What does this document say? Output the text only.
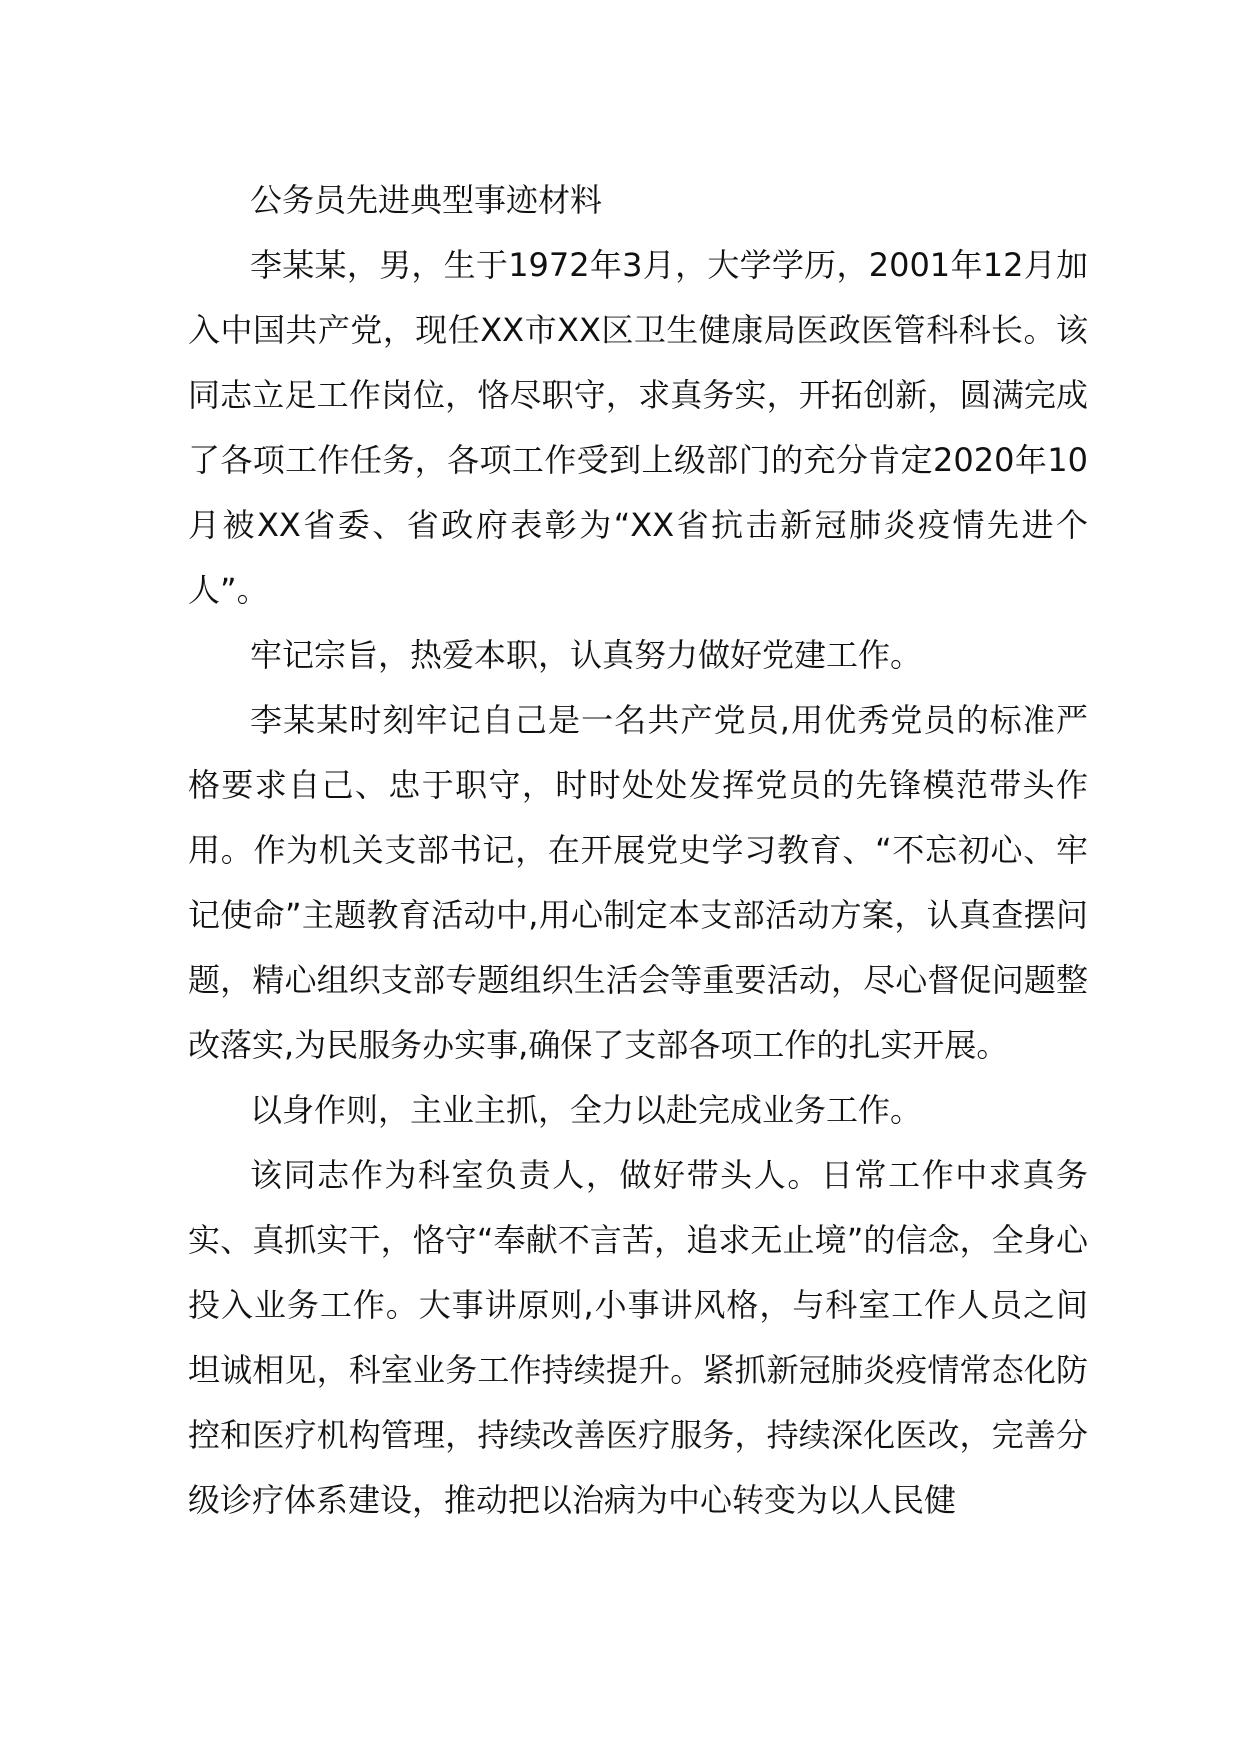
公务员先进典型事迹材料

李某某，男，生于1972年3月，大学学历，2001年12月加入中国共产党，现任XX市XX区卫生健康局医政医管科科长。该同志立足工作岗位，恪尽职守，求真务实，开拓创新，圆满完成了各项工作任务，各项工作受到上级部门的充分肯定2020年10月被XX省委、省政府表彰为“XX省抗击新冠肺炎疫情先进个人”。

牢记宗旨，热爱本职，认真努力做好党建工作。

李某某时刻牢记自己是一名共产党员,用优秀党员的标准严格要求自己、忠于职守，时时处处发挥党员的先锋模范带头作用。作为机关支部书记，在开展党史学习教育、“不忘初心、牢记使命”主题教育活动中,用心制定本支部活动方案，认真查摆问题，精心组织支部专题组织生活会等重要活动，尽心督促问题整改落实,为民服务办实事,确保了支部各项工作的扎实开展。

以身作则，主业主抓，全力以赴完成业务工作。

该同志作为科室负责人，做好带头人。日常工作中求真务实、真抓实干，恪守“奉献不言苦，追求无止境”的信念，全身心投入业务工作。大事讲原则,小事讲风格，与科室工作人员之间坦诚相见，科室业务工作持续提升。紧抓新冠肺炎疫情常态化防控和医疗机构管理，持续改善医疗服务，持续深化医改，完善分级诊疗体系建设，推动把以治病为中心转变为以人民健
